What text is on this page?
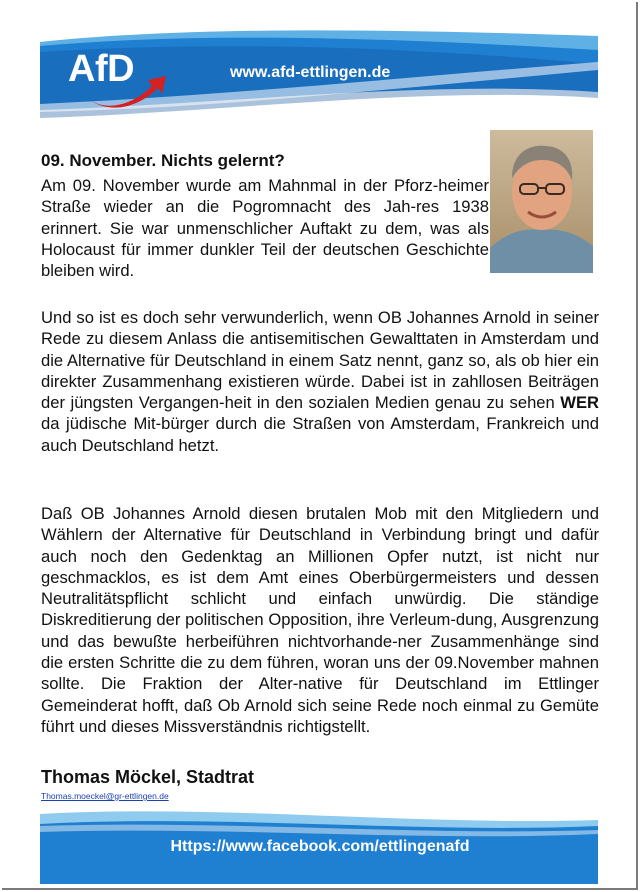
AfD	www.afd-ettlingen.de
09. November. Nichts gelernt?

Am 09. November wurde am Mahnmal in der Pforz-heimer Straße wieder an die Pogromnacht des Jah-res 1938 erinnert. Sie war unmenschlicher Auftakt zu dem, was als Holocaust für immer dunkler Teil der deutschen Geschichte bleiben wird.

Und so ist es doch sehr verwunderlich, wenn OB Johannes Arnold in seiner Rede zu diesem Anlass die antisemitischen Gewalttaten in Amsterdam und die Alternative für Deutschland in einem Satz nennt, ganz so, als ob hier ein direkter Zusammenhang existieren würde. Dabei ist in zahllosen Beiträgen der jüngsten Vergangen-heit in den sozialen Medien genau zu sehen WER da jüdische Mit-bürger durch die Straßen von Amsterdam, Frankreich und auch Deutschland hetzt.

Daß OB Johannes Arnold diesen brutalen Mob mit den Mitgliedern und Wählern der Alternative für Deutschland in Verbindung bringt und dafür auch noch den Gedenktag an Millionen Opfer nutzt, ist nicht nur geschmacklos, es ist dem Amt eines Oberbürgermeisters und dessen Neutralitätspflicht schlicht und einfach unwürdig. Die ständige Diskreditierung der politischen Opposition, ihre Verleum-dung, Ausgrenzung und das bewußte herbeiführen nichtvorhande-ner Zusammenhänge sind die ersten Schritte die zu dem führen, woran uns der 09.November mahnen sollte. Die Fraktion der Alter-native für Deutschland im Ettlinger Gemeinderat hofft, daß Ob Arnold sich seine Rede noch einmal zu Gemüte führt und dieses Missverständnis richtigstellt.

Thomas Möckel, Stadtrat
Thomas.moeckel@gr-ettlingen.de
Https://www.facebook.com/ettlingenafd
